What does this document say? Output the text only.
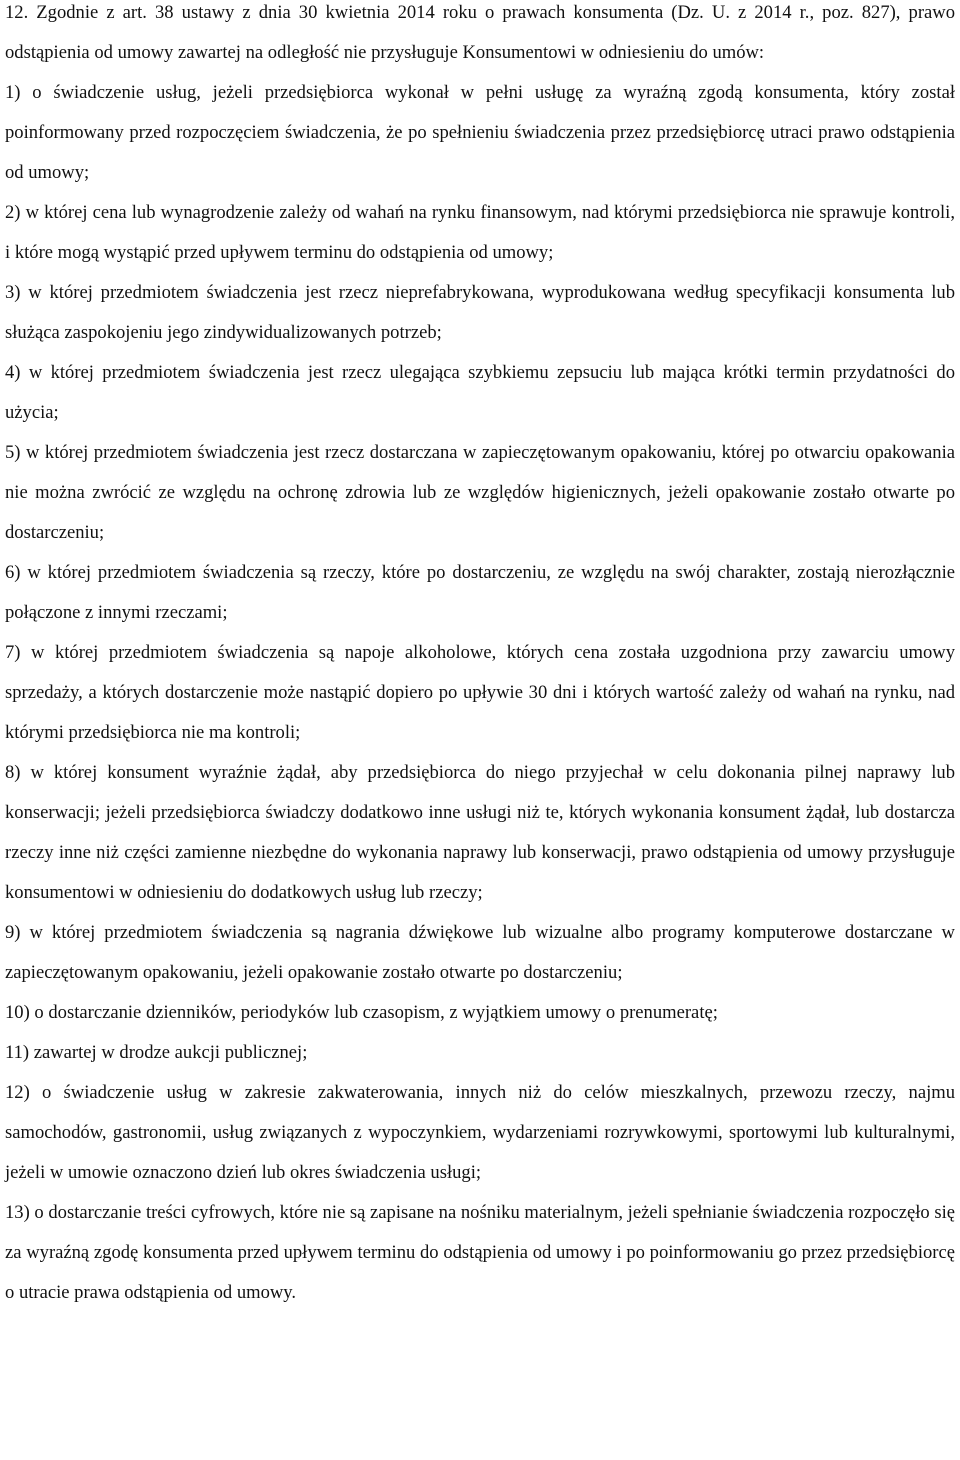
12. Zgodnie z art. 38 ustawy z dnia 30 kwietnia 2014 roku o prawach konsumenta (Dz. U. z 2014 r., poz. 827), prawo odstąpienia od umowy zawartej na odległość nie przysługuje Konsumentowi w odniesieniu do umów:

1) o świadczenie usług, jeżeli przedsiębiorca wykonał w pełni usługę za wyraźną zgodą konsumenta, który został poinformowany przed rozpoczęciem świadczenia, że po spełnieniu świadczenia przez przedsiębiorcę utraci prawo odstąpienia od umowy;

2) w której cena lub wynagrodzenie zależy od wahań na rynku finansowym, nad którymi przedsiębiorca nie sprawuje kontroli, i które mogą wystąpić przed upływem terminu do odstąpienia od umowy;

3) w której przedmiotem świadczenia jest rzecz nieprefabrykowana, wyprodukowana według specyfikacji konsumenta lub służąca zaspokojeniu jego zindywidualizowanych potrzeb;

4) w której przedmiotem świadczenia jest rzecz ulegająca szybkiemu zepsuciu lub mająca krótki termin przydatności do użycia;

5) w której przedmiotem świadczenia jest rzecz dostarczana w zapieczętowanym opakowaniu, której po otwarciu opakowania nie można zwrócić ze względu na ochronę zdrowia lub ze względów higienicznych, jeżeli opakowanie zostało otwarte po dostarczeniu;

6) w której przedmiotem świadczenia są rzeczy, które po dostarczeniu, ze względu na swój charakter, zostają nierozłącznie połączone z innymi rzeczami;

7) w której przedmiotem świadczenia są napoje alkoholowe, których cena została uzgodniona przy zawarciu umowy sprzedaży, a których dostarczenie może nastąpić dopiero po upływie 30 dni i których wartość zależy od wahań na rynku, nad którymi przedsiębiorca nie ma kontroli;

8) w której konsument wyraźnie żądał, aby przedsiębiorca do niego przyjechał w celu dokonania pilnej naprawy lub konserwacji; jeżeli przedsiębiorca świadczy dodatkowo inne usługi niż te, których wykonania konsument żądał, lub dostarcza rzeczy inne niż części zamienne niezbędne do wykonania naprawy lub konserwacji, prawo odstąpienia od umowy przysługuje konsumentowi w odniesieniu do dodatkowych usług lub rzeczy;

9) w której przedmiotem świadczenia są nagrania dźwiękowe lub wizualne albo programy komputerowe dostarczane w zapieczętowanym opakowaniu, jeżeli opakowanie zostało otwarte po dostarczeniu;

10) o dostarczanie dzienników, periodyków lub czasopism, z wyjątkiem umowy o prenumeratę;

11) zawartej w drodze aukcji publicznej;

12) o świadczenie usług w zakresie zakwaterowania, innych niż do celów mieszkalnych, przewozu rzeczy, najmu samochodów, gastronomii, usług związanych z wypoczynkiem, wydarzeniami rozrywkowymi, sportowymi lub kulturalnymi, jeżeli w umowie oznaczono dzień lub okres świadczenia usługi;

13) o dostarczanie treści cyfrowych, które nie są zapisane na nośniku materialnym, jeżeli spełnianie świadczenia rozpoczęło się za wyraźną zgodę konsumenta przed upływem terminu do odstąpienia od umowy i po poinformowaniu go przez przedsiębiorcę o utracie prawa odstąpienia od umowy.
